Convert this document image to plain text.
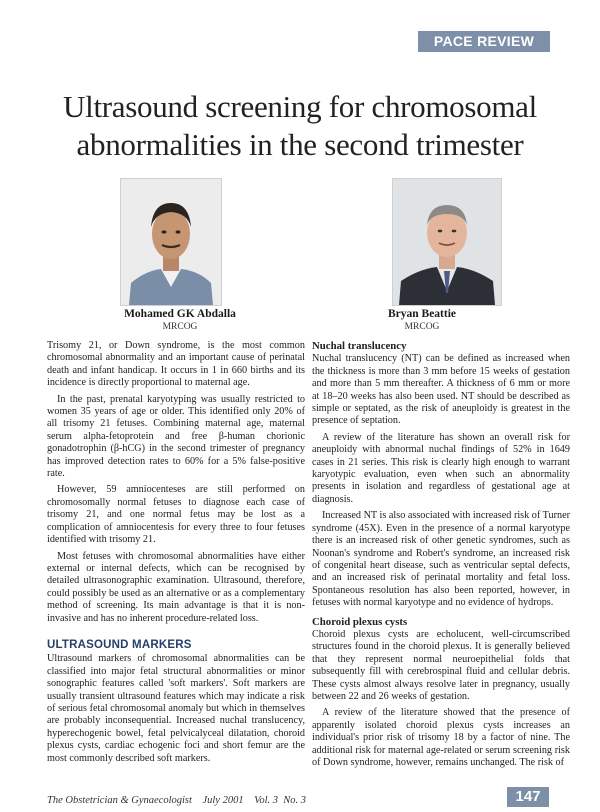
PACE REVIEW
Ultrasound screening for chromosomal
abnormalities in the second trimester
Mohamed GK Abdalla
MRCOG
Bryan Beattie
MRCOG

Trisomy 21, or Down syndrome, is the most common chromosomal abnormality and an important cause of perinatal death and infant handicap. It occurs in 1 in 660 births and its incidence is directly proportional to maternal age.

In the past, prenatal karyotyping was usually restricted to women 35 years of age or older. This identified only 20% of all trisomy 21 fetuses. Combining maternal age, maternal serum alpha-fetoprotein and free β-human chorionic gonadotrophin (β-hCG) in the second trimester of pregnancy has improved detection rates to 60% for a 5% false-positive rate.

However, 59 amniocenteses are still performed on chromosomally normal fetuses to diagnose each case of trisomy 21, and one normal fetus may be lost as a complication of amniocentesis for every three to four fetuses identified with trisomy 21.

Most fetuses with chromosomal abnormalities have either external or internal defects, which can be recognised by detailed ultrasonographic examination. Ultrasound, therefore, could possibly be used as an alternative or as a complementary method of screening. Its main advantage is that it is non-invasive and has no inherent procedure-related loss.

ULTRASOUND MARKERS

Ultrasound markers of chromosomal abnormalities can be classified into major fetal structural abnormalities or minor sonographic features called 'soft markers'. Soft markers are usually transient ultrasound features which may indicate a risk of serious fetal chromosomal anomaly but which in themselves are probably inconsequential. Increased nuchal translucency, hyperechogenic bowel, fetal pelvicalyceal dilatation, choroid plexus cysts, cardiac echogenic foci and short femur are the most commonly described soft markers.

Nuchal translucency

Nuchal translucency (NT) can be defined as increased when the thickness is more than 3 mm before 15 weeks of gestation and more than 5 mm thereafter. A thickness of 6 mm or more at 18–20 weeks has also been used. NT should be described as simple or septated, as the risk of aneuploidy is greatest in the presence of septation.

A review of the literature has shown an overall risk for aneuploidy with abnormal nuchal findings of 52% in 1649 cases in 21 series. This risk is clearly high enough to warrant karyotypic evaluation, even when such an abnormality presents in isolation and regardless of gestational age at diagnosis.

Increased NT is also associated with increased risk of Turner syndrome (45X). Even in the presence of a normal karyotype there is an increased risk of other genetic syndromes, such as Noonan's syndrome and Robert's syndrome, an increased risk of congenital heart disease, such as ventricular septal defects, and an increased risk of perinatal mortality and fetal loss. Spontaneous resolution has also been reported, however, in fetuses with normal karyotype and no evidence of hydrops.

Choroid plexus cysts

Choroid plexus cysts are echolucent, well-circumscribed structures found in the choroid plexus. It is generally believed that they represent normal neuroepithelial folds that subsequently fill with cerebrospinal fluid and cellular debris. These cysts almost always resolve later in pregnancy, usually between 22 and 26 weeks of gestation.

A review of the literature showed that the presence of apparently isolated choroid plexus cysts increases an individual's prior risk of trisomy 18 by a factor of nine. The additional risk for maternal age-related or serum screening risk of Down syndrome, however, remains unchanged. The risk of

The Obstetrician & Gynaecologist July 2001 Vol. 3 No. 3	147
